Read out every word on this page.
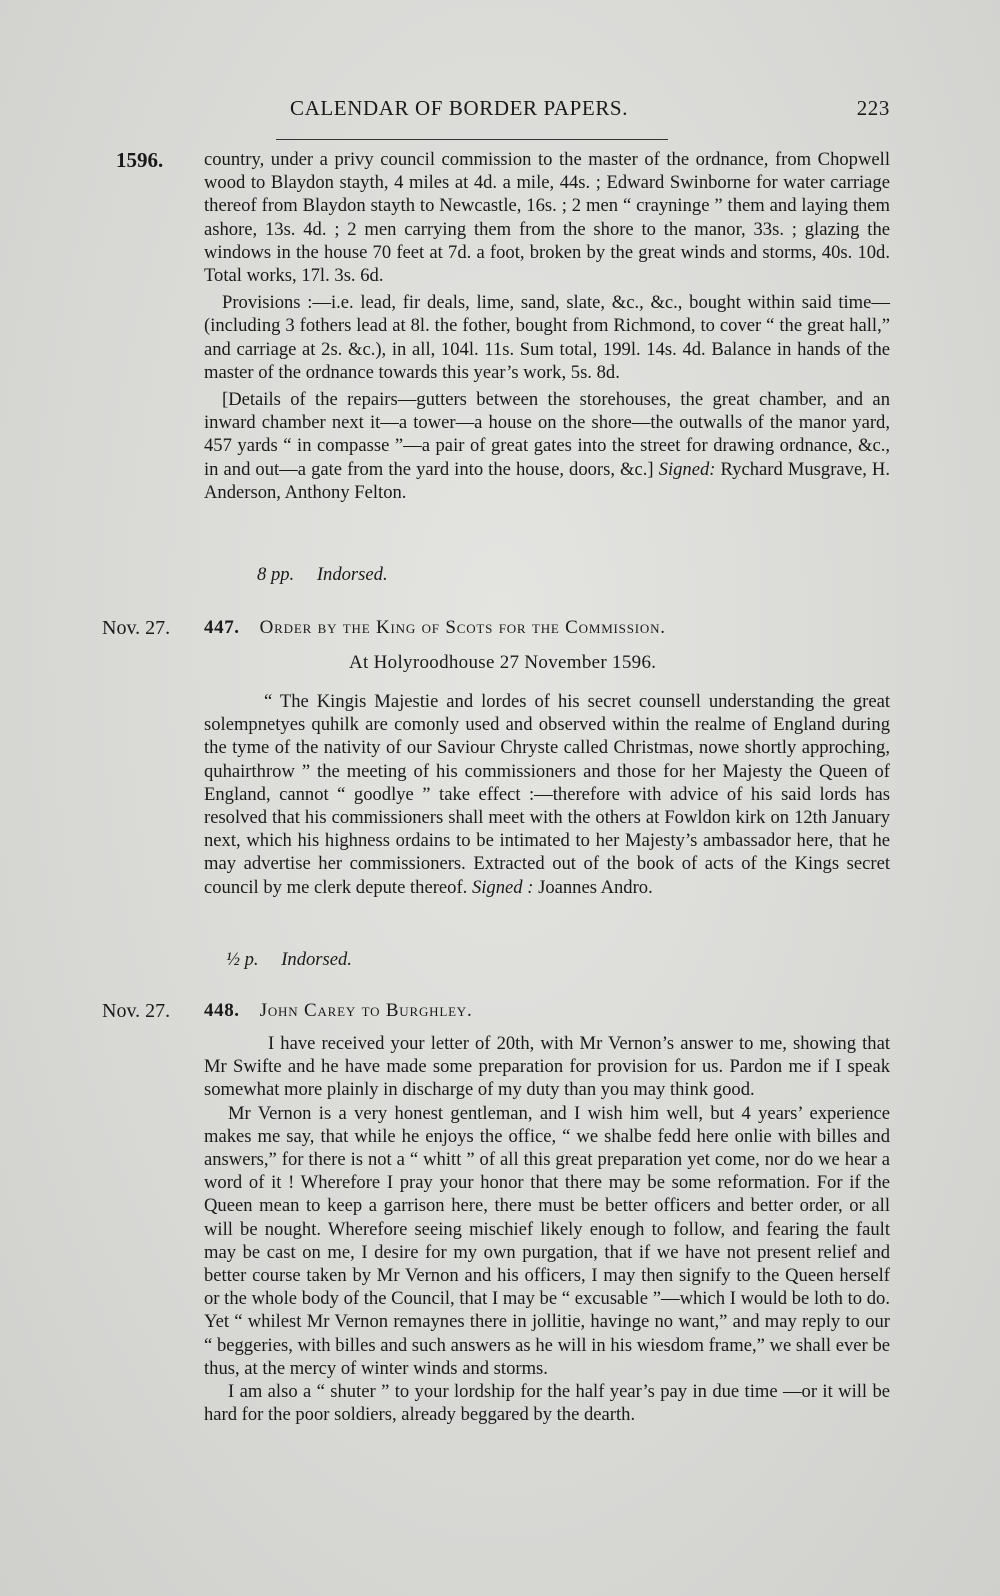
CALENDAR OF BORDER PAPERS.	223
1596. country, under a privy council commission to the master of the ordnance, from Chopwell wood to Blaydon stayth, 4 miles at 4d. a mile, 44s. ; Edward Swinborne for water carriage thereof from Blaydon stayth to Newcastle, 16s. ; 2 men “ crayninge ” them and laying them ashore, 13s. 4d. ; 2 men carrying them from the shore to the manor, 33s. ; glazing the windows in the house 70 feet at 7d. a foot, broken by the great winds and storms, 40s. 10d. Total works, 17l. 3s. 6d.

Provisions :—i.e. lead, fir deals, lime, sand, slate, &c., &c., bought within said time—(including 3 fothers lead at 8l. the fother, bought from Richmond, to cover “ the great hall,” and carriage at 2s. &c.), in all, 104l. 11s. Sum total, 199l. 14s. 4d. Balance in hands of the master of the ordnance towards this year’s work, 5s. 8d.

[Details of the repairs—gutters between the storehouses, the great chamber, and an inward chamber next it—a tower—a house on the shore—the outwalls of the manor yard, 457 yards “ in compasse ”—a pair of great gates into the street for drawing ordnance, &c., in and out—a gate from the yard into the house, doors, &c.] Signed: Rychard Musgrave, H. Anderson, Anthony Felton.

8 pp. Indorsed.
Nov. 27. 447. Order by the King of Scots for the Commission.
At Holyroodhouse 27 November 1596.

“ The Kingis Majestie and lordes of his secret counsell understanding the great solempnetyes quhilk are comonly used and observed within the realme of England during the tyme of the nativity of our Saviour Chryste called Christmas, nowe shortly approching, quhairthrow ” the meeting of his commissioners and those for her Majesty the Queen of England, cannot “ goodlye ” take effect :—therefore with advice of his said lords has resolved that his commissioners shall meet with the others at Fowldon kirk on 12th January next, which his highness ordains to be intimated to her Majesty’s ambassador here, that he may advertise her commissioners. Extracted out of the book of acts of the Kings secret council by me clerk depute thereof. Signed : Joannes Andro.

½ p. Indorsed.
Nov. 27. 448. John Carey to Burghley.

I have received your letter of 20th, with Mr Vernon’s answer to me, showing that Mr Swifte and he have made some preparation for provision for us. Pardon me if I speak somewhat more plainly in discharge of my duty than you may think good.

Mr Vernon is a very honest gentleman, and I wish him well, but 4 years’ experience makes me say, that while he enjoys the office, “ we shalbe fedd here onlie with billes and answers,” for there is not a “ whitt ” of all this great preparation yet come, nor do we hear a word of it ! Wherefore I pray your honor that there may be some reformation. For if the Queen mean to keep a garrison here, there must be better officers and better order, or all will be nought. Wherefore seeing mischief likely enough to follow, and fearing the fault may be cast on me, I desire for my own purgation, that if we have not present relief and better course taken by Mr Vernon and his officers, I may then signify to the Queen herself or the whole body of the Council, that I may be “ excusable ”—which I would be loth to do. Yet “ whilest Mr Vernon remaynes there in jollitie, havinge no want,” and may reply to our “ beggeries, with billes and such answers as he will in his wiesdom frame,” we shall ever be thus, at the mercy of winter winds and storms.

I am also a “ shuter ” to your lordship for the half year’s pay in due time —or it will be hard for the poor soldiers, already beggared by the dearth.
